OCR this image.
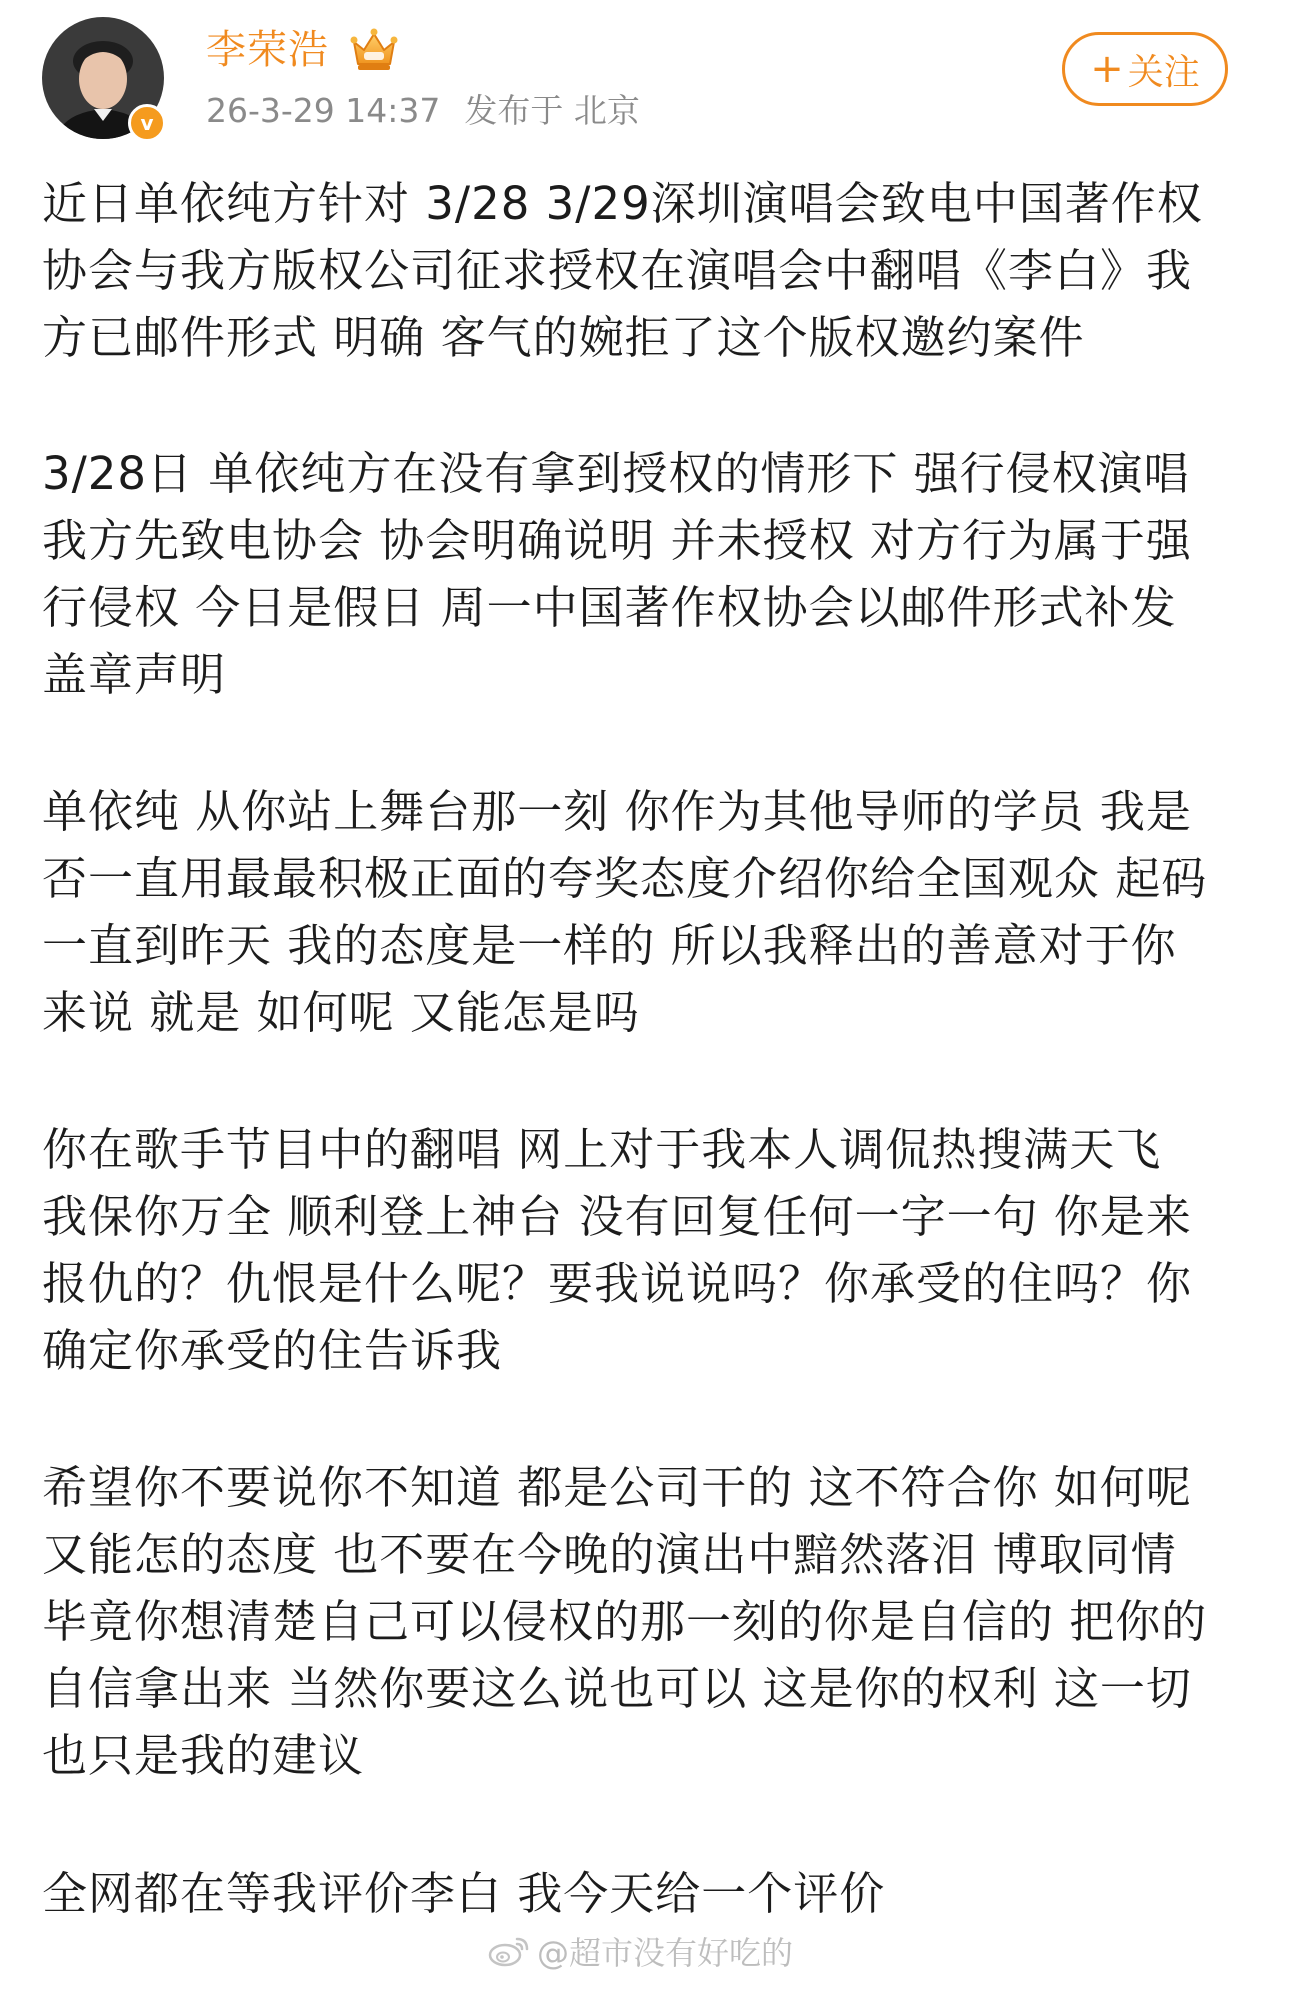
v
李荣浩
26-3-29 14:37 发布于 北京
+ 关注
近日单依纯方针对 3/28 3/29深圳演唱会致电中国著作权
协会与我方版权公司征求授权在演唱会中翻唱《李白》我
方已邮件形式 明确 客气的婉拒了这个版权邀约案件
3/28日 单依纯方在没有拿到授权的情形下 强行侵权演唱
我方先致电协会 协会明确说明 并未授权 对方行为属于强
行侵权 今日是假日 周一中国著作权协会以邮件形式补发
盖章声明
单依纯 从你站上舞台那一刻 你作为其他导师的学员 我是
否一直用最最积极正面的夸奖态度介绍你给全国观众 起码
一直到昨天 我的态度是一样的 所以我释出的善意对于你
来说 就是 如何呢 又能怎是吗
你在歌手节目中的翻唱 网上对于我本人调侃热搜满天飞
我保你万全 顺利登上神台 没有回复任何一字一句 你是来
报仇的？仇恨是什么呢？要我说说吗？你承受的住吗？你
确定你承受的住告诉我
希望你不要说你不知道 都是公司干的 这不符合你 如何呢
又能怎的态度 也不要在今晚的演出中黯然落泪 博取同情
毕竟你想清楚自己可以侵权的那一刻的你是自信的 把你的
自信拿出来 当然你要这么说也可以 这是你的权利 这一切
也只是我的建议
全网都在等我评价李白 我今天给一个评价
@超市没有好吃的
